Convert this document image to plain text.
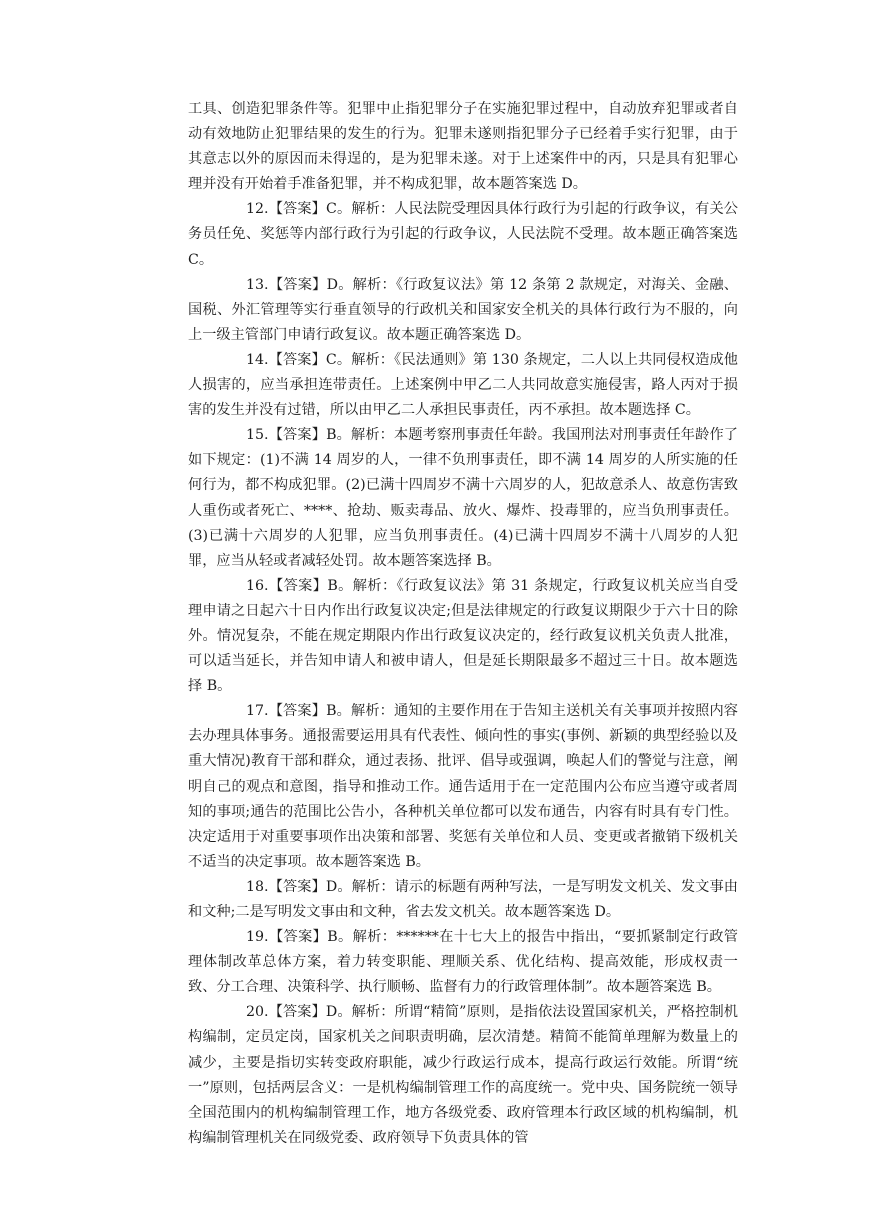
工具、创造犯罪条件等。犯罪中止指犯罪分子在实施犯罪过程中，自动放弃犯罪或者自动有效地防止犯罪结果的发生的行为。犯罪未遂则指犯罪分子已经着手实行犯罪，由于其意志以外的原因而未得逞的，是为犯罪未遂。对于上述案件中的丙，只是具有犯罪心理并没有开始着手准备犯罪，并不构成犯罪，故本题答案选 D。

12.【答案】C。解析：人民法院受理因具体行政行为引起的行政争议，有关公务员任免、奖惩等内部行政行为引起的行政争议，人民法院不受理。故本题正确答案选 C。

13.【答案】D。解析：《行政复议法》第 12 条第 2 款规定，对海关、金融、国税、外汇管理等实行垂直领导的行政机关和国家安全机关的具体行政行为不服的，向上一级主管部门申请行政复议。故本题正确答案选 D。

14.【答案】C。解析：《民法通则》第 130 条规定，二人以上共同侵权造成他人损害的，应当承担连带责任。上述案例中甲乙二人共同故意实施侵害，路人丙对于损害的发生并没有过错，所以由甲乙二人承担民事责任，丙不承担。故本题选择 C。

15.【答案】B。解析：本题考察刑事责任年龄。我国刑法对刑事责任年龄作了如下规定：(1)不满 14 周岁的人，一律不负刑事责任，即不满 14 周岁的人所实施的任何行为，都不构成犯罪。(2)已满十四周岁不满十六周岁的人，犯故意杀人、故意伤害致人重伤或者死亡、****、抢劫、贩卖毒品、放火、爆炸、投毒罪的，应当负刑事责任。(3)已满十六周岁的人犯罪，应当负刑事责任。(4)已满十四周岁不满十八周岁的人犯罪，应当从轻或者减轻处罚。故本题答案选择 B。

16.【答案】B。解析：《行政复议法》第 31 条规定，行政复议机关应当自受理申请之日起六十日内作出行政复议决定;但是法律规定的行政复议期限少于六十日的除外。情况复杂，不能在规定期限内作出行政复议决定的，经行政复议机关负责人批准，可以适当延长，并告知申请人和被申请人，但是延长期限最多不超过三十日。故本题选择 B。

17.【答案】B。解析：通知的主要作用在于告知主送机关有关事项并按照内容去办理具体事务。通报需要运用具有代表性、倾向性的事实(事例、新颖的典型经验以及重大情况)教育干部和群众，通过表扬、批评、倡导或强调，唤起人们的警觉与注意，阐明自己的观点和意图，指导和推动工作。通告适用于在一定范围内公布应当遵守或者周知的事项;通告的范围比公告小，各种机关单位都可以发布通告，内容有时具有专门性。决定适用于对重要事项作出决策和部署、奖惩有关单位和人员、变更或者撤销下级机关不适当的决定事项。故本题答案选 B。

18.【答案】D。解析：请示的标题有两种写法，一是写明发文机关、发文事由和文种;二是写明发文事由和文种，省去发文机关。故本题答案选 D。

19.【答案】B。解析：******在十七大上的报告中指出，“要抓紧制定行政管理体制改革总体方案，着力转变职能、理顺关系、优化结构、提高效能，形成权责一致、分工合理、决策科学、执行顺畅、监督有力的行政管理体制”。故本题答案选 B。

20.【答案】D。解析：所谓“精简”原则，是指依法设置国家机关，严格控制机构编制，定员定岗，国家机关之间职责明确，层次清楚。精简不能简单理解为数量上的减少，主要是指切实转变政府职能，减少行政运行成本，提高行政运行效能。所谓“统一”原则，包括两层含义：一是机构编制管理工作的高度统一。党中央、国务院统一领导全国范围内的机构编制管理工作，地方各级党委、政府管理本行政区域的机构编制，机构编制管理机关在同级党委、政府领导下负责具体的管
